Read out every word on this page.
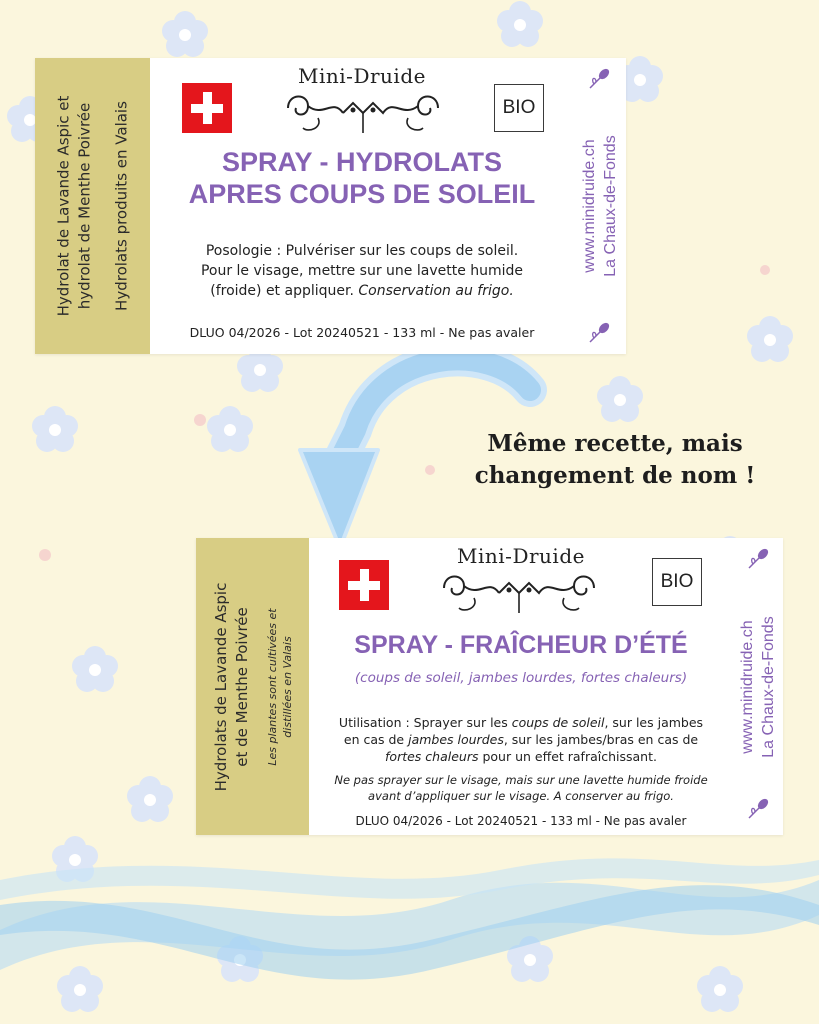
Hydrolat de Lavande Aspic et hydrolat de Menthe Poivrée Hydrolats produits en Valais
Mini-Druide
BIO
SPRAY - HYDROLATS
APRES COUPS DE SOLEIL
Posologie : Pulvériser sur les coups de soleil.
Pour le visage, mettre sur une lavette humide
(froide) et appliquer. Conservation au frigo.
DLUO 04/2026 - Lot 20240521 - 133 ml - Ne pas avaler
www.minidruide.ch La Chaux-de-Fonds
Même recette, mais
changement de nom !
Hydrolats de Lavande Aspic et de Menthe Poivrée Les plantes sont cultivées et distillées en Valais
Mini-Druide
BIO
SPRAY - FRAÎCHEUR D’ÉTÉ
(coups de soleil, jambes lourdes, fortes chaleurs)
Utilisation : Sprayer sur les coups de soleil, sur les jambes
en cas de jambes lourdes, sur les jambes/bras en cas de
fortes chaleurs pour un effet rafraîchissant.
Ne pas sprayer sur le visage, mais sur une lavette humide froide
avant d’appliquer sur le visage. A conserver au frigo.
DLUO 04/2026 - Lot 20240521 - 133 ml - Ne pas avaler
www.minidruide.ch La Chaux-de-Fonds
